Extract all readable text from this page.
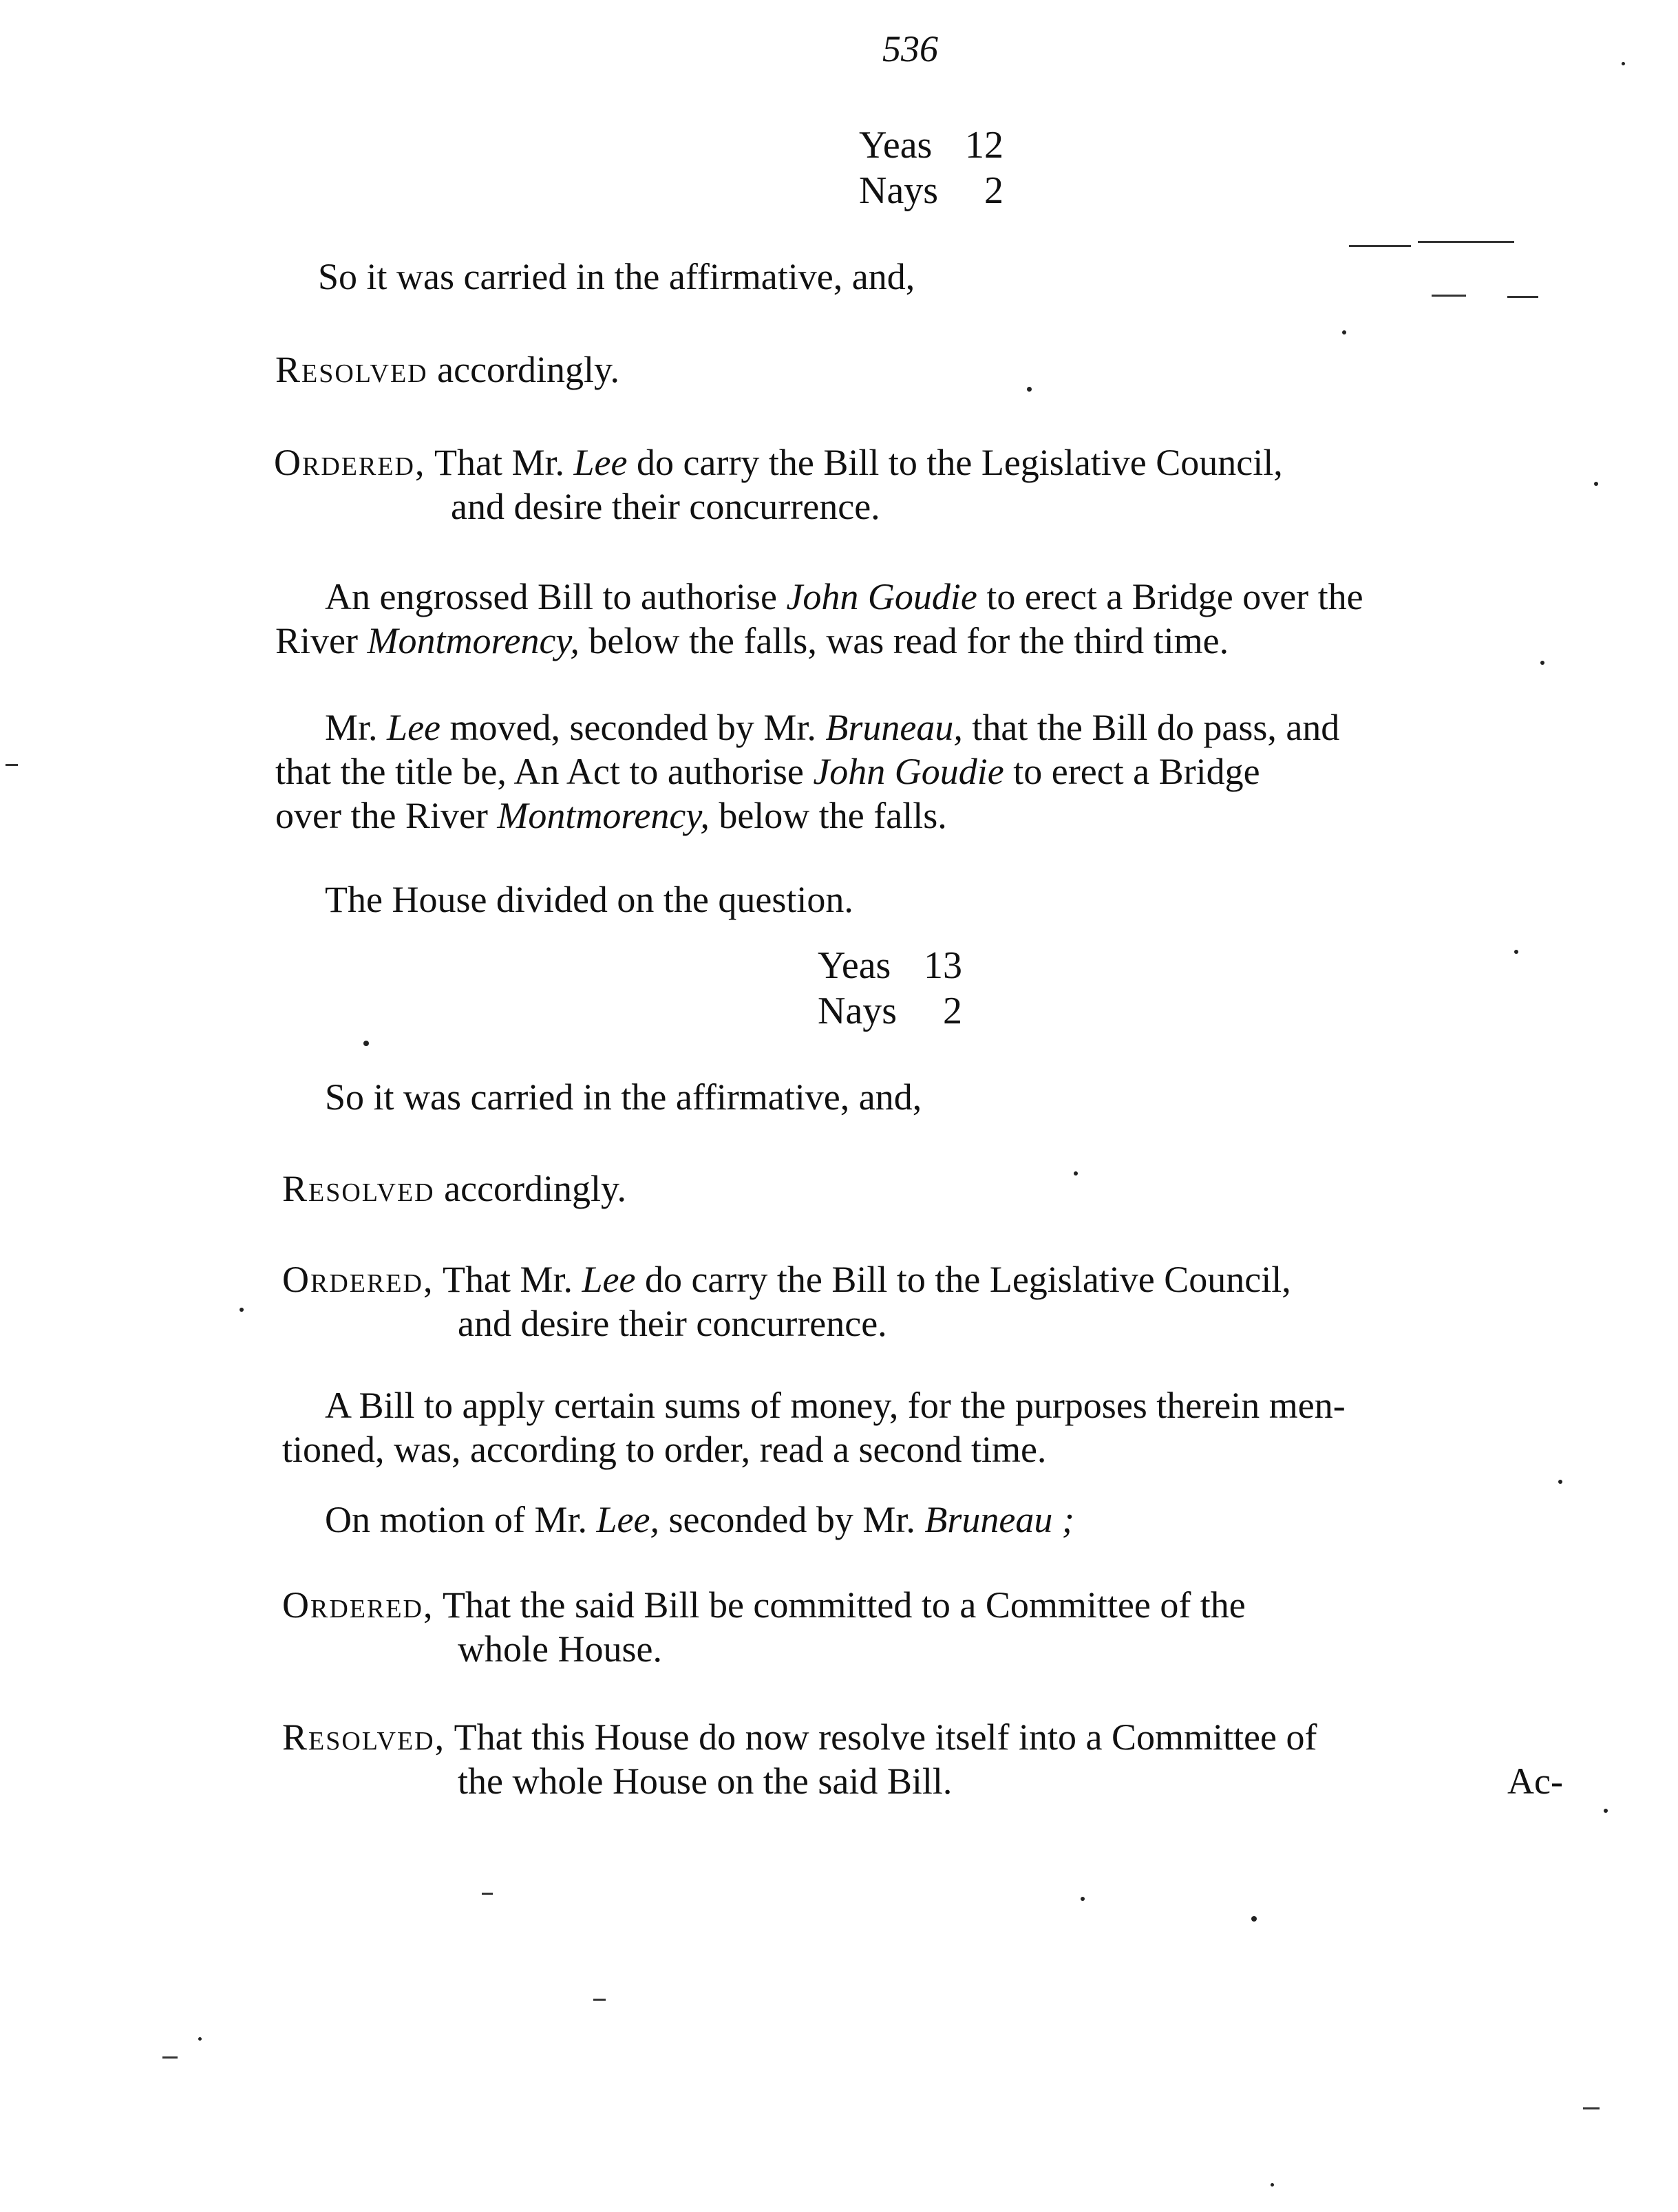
536
Yeas 12
Nays 2
So it was carried in the affirmative, and,
Resolved accordingly.
Ordered, That Mr. Lee do carry the Bill to the Legislative Council,
and desire their concurrence.
An engrossed Bill to authorise John Goudie to erect a Bridge over the
River Montmorency, below the falls, was read for the third time.
Mr. Lee moved, seconded by Mr. Bruneau, that the Bill do pass, and
that the title be, An Act to authorise John Goudie to erect a Bridge
over the River Montmorency, below the falls.
The House divided on the question.
Yeas 13
Nays 2
So it was carried in the affirmative, and,
Resolved accordingly.
Ordered, That Mr. Lee do carry the Bill to the Legislative Council,
and desire their concurrence.
A Bill to apply certain sums of money, for the purposes therein men-
tioned, was, according to order, read a second time.
On motion of Mr. Lee, seconded by Mr. Bruneau ;
Ordered, That the said Bill be committed to a Committee of the
whole House.
Resolved, That this House do now resolve itself into a Committee of
the whole House on the said Bill.	Ac-
